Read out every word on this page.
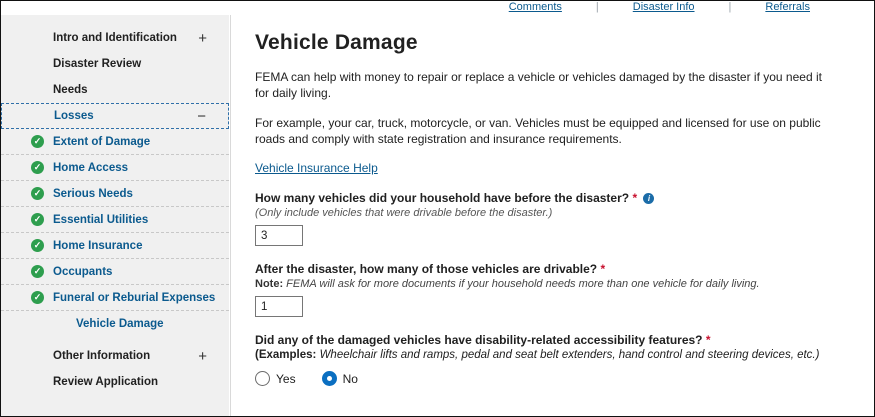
Comments	|	Disaster Info	|	Referrals
Intro and Identification +
Disaster Review
Needs
Losses	−
✓ Extent of Damage
✓ Home Access
✓ Serious Needs
✓ Essential Utilities
✓ Home Insurance
✓ Occupants
✓ Funeral or Reburial Expenses
Vehicle Damage
Other Information	+
Review Application
Vehicle Damage

FEMA can help with money to repair or replace a vehicle or vehicles damaged by the disaster if you need it for daily living.

For example, your car, truck, motorcycle, or van. Vehicles must be equipped and licensed for use on public roads and comply with state registration and insurance requirements.

Vehicle Insurance Help
How many vehicles did your household have before the disaster? * i
(Only include vehicles that were drivable before the disaster.)
3
After the disaster, how many of those vehicles are drivable? *
Note: FEMA will ask for more documents if your household needs more than one vehicle for daily living.
1
Did any of the damaged vehicles have disability-related accessibility features? *
(Examples: Wheelchair lifts and ramps, pedal and seat belt extenders, hand control and steering devices, etc.)
Yes	No
